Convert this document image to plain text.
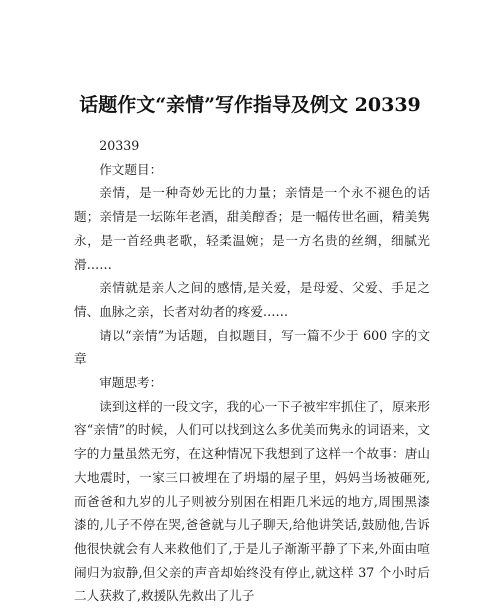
话题作文“亲情”写作指导及例文 20339

20339

作文题目：

亲情，是一种奇妙无比的力量；亲情是一个永不褪色的话题；亲情是一坛陈年老酒，甜美醇香；是一幅传世名画，精美隽永，是一首经典老歌，轻柔温婉；是一方名贵的丝绸，细腻光滑……

亲情就是亲人之间的感情,是关爱，是母爱、父爱、手足之情、血脉之亲，长者对幼者的疼爱……

请以“亲情”为话题，自拟题目，写一篇不少于 600 字的文章

审题思考：

读到这样的一段文字，我的心一下子被牢牢抓住了，原来形容“亲情”的时候，人们可以找到这么多优美而隽永的词语来，文字的力量虽然无穷，在这种情况下我想到了这样一个故事：唐山大地震时，一家三口被埋在了坍塌的屋子里，妈妈当场被砸死,而爸爸和九岁的儿子则被分别困在相距几米远的地方,周围黑漆漆的,儿子不停在哭,爸爸就与儿子聊天,给他讲笑话,鼓励他,告诉他很快就会有人来救他们了,于是儿子渐渐平静了下来,外面由喧闹归为寂静,但父亲的声音却始终没有停止,就这样 37 个小时后二人获救了,救援队先救出了儿子
